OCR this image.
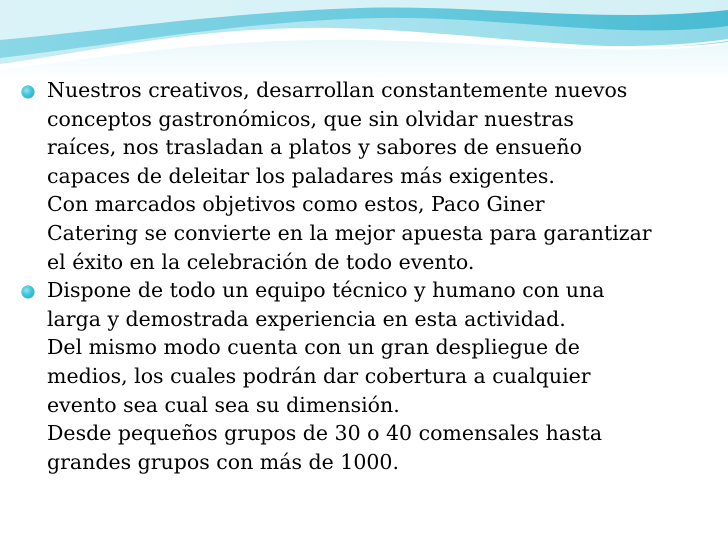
Nuestros creativos, desarrollan constantemente nuevos
conceptos gastronómicos, que sin olvidar nuestras
raíces, nos trasladan a platos y sabores de ensueño
capaces de deleitar los paladares más exigentes.
Con marcados objetivos como estos, Paco Giner
Catering se convierte en la mejor apuesta para garantizar
el éxito en la celebración de todo evento.
Dispone de todo un equipo técnico y humano con una
larga y demostrada experiencia en esta actividad.
Del mismo modo cuenta con un gran despliegue de
medios, los cuales podrán dar cobertura a cualquier
evento sea cual sea su dimensión.
Desde pequeños grupos de 30 o 40 comensales hasta
grandes grupos con más de 1000.
